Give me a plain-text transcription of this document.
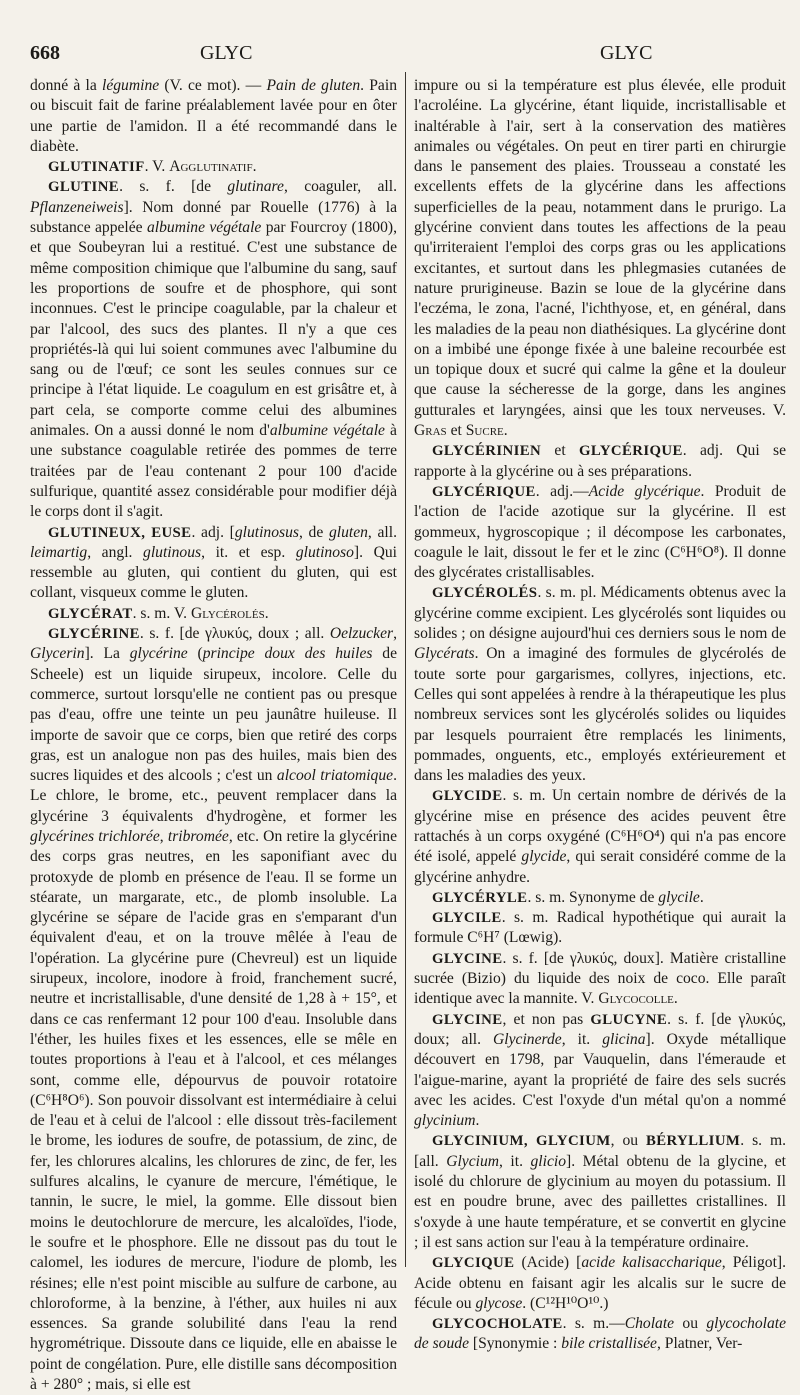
668	GLYC	GLYC

donné à la légumine (V. ce mot). — Pain de gluten. Pain ou biscuit fait de farine préalablement lavée pour en ôter une partie de l'amidon. Il a été recommandé dans le diabète.

GLUTINATIF. V. Agglutinatif.

GLUTINE. s. f. [de glutinare, coaguler, all. Pflanzeneiweis]. Nom donné par Rouelle (1776) à la substance appelée albumine végétale par Fourcroy (1800), et que Soubeyran lui a restitué. C'est une substance de même composition chimique que l'albumine du sang, sauf les proportions de soufre et de phosphore, qui sont inconnues. C'est le principe coagulable, par la chaleur et par l'alcool, des sucs des plantes. Il n'y a que ces propriétés-là qui lui soient communes avec l'albumine du sang ou de l'œuf; ce sont les seules connues sur ce principe à l'état liquide. Le coagulum en est grisâtre et, à part cela, se comporte comme celui des albumines animales. On a aussi donné le nom d'albumine végétale à une substance coagulable retirée des pommes de terre traitées par de l'eau contenant 2 pour 100 d'acide sulfurique, quantité assez considérable pour modifier déjà le corps dont il s'agit.

GLUTINEUX, EUSE. adj. [glutinosus, de gluten, all. leimartig, angl. glutinous, it. et esp. glutinoso]. Qui ressemble au gluten, qui contient du gluten, qui est collant, visqueux comme le gluten.

GLYCÉRAT. s. m. V. Glycérolés.

GLYCÉRINE. s. f. [de γλυκύς, doux ; all. Oelzucker, Glycerin]. La glycérine (principe doux des huiles de Scheele) est un liquide sirupeux, incolore. Celle du commerce, surtout lorsqu'elle ne contient pas ou presque pas d'eau, offre une teinte un peu jaunâtre huileuse. Il importe de savoir que ce corps, bien que retiré des corps gras, est un analogue non pas des huiles, mais bien des sucres liquides et des alcools ; c'est un alcool triatomique. Le chlore, le brome, etc., peuvent remplacer dans la glycérine 3 équivalents d'hydrogène, et former les glycérines trichlorée, tribromée, etc. On retire la glycérine des corps gras neutres, en les saponifiant avec du protoxyde de plomb en présence de l'eau. Il se forme un stéarate, un margarate, etc., de plomb insoluble. La glycérine se sépare de l'acide gras en s'emparant d'un équivalent d'eau, et on la trouve mêlée à l'eau de l'opération. La glycérine pure (Chevreul) est un liquide sirupeux, incolore, inodore à froid, franchement sucré, neutre et incristallisable, d'une densité de 1,28 à + 15°, et dans ce cas renfermant 12 pour 100 d'eau. Insoluble dans l'éther, les huiles fixes et les essences, elle se mêle en toutes proportions à l'eau et à l'alcool, et ces mélanges sont, comme elle, dépourvus de pouvoir rotatoire (C⁶H⁸O⁶). Son pouvoir dissolvant est intermédiaire à celui de l'eau et à celui de l'alcool : elle dissout très-facilement le brome, les iodures de soufre, de potassium, de zinc, de fer, les chlorures alcalins, les chlorures de zinc, de fer, les sulfures alcalins, le cyanure de mercure, l'émétique, le tannin, le sucre, le miel, la gomme. Elle dissout bien moins le deutochlorure de mercure, les alcaloïdes, l'iode, le soufre et le phosphore. Elle ne dissout pas du tout le calomel, les iodures de mercure, l'iodure de plomb, les résines; elle n'est point miscible au sulfure de carbone, au chloroforme, à la benzine, à l'éther, aux huiles ni aux essences. Sa grande solubilité dans l'eau la rend hygrométrique. Dissoute dans ce liquide, elle en abaisse le point de congélation. Pure, elle distille sans décomposition à + 280° ; mais, si elle est

impure ou si la température est plus élevée, elle produit l'acroléine. La glycérine, étant liquide, incristallisable et inaltérable à l'air, sert à la conservation des matières animales ou végétales. On peut en tirer parti en chirurgie dans le pansement des plaies. Trousseau a constaté les excellents effets de la glycérine dans les affections superficielles de la peau, notamment dans le prurigo. La glycérine convient dans toutes les affections de la peau qu'irriteraient l'emploi des corps gras ou les applications excitantes, et surtout dans les phlegmasies cutanées de nature prurigineuse. Bazin se loue de la glycérine dans l'eczéma, le zona, l'acné, l'ichthyose, et, en général, dans les maladies de la peau non diathésiques. La glycérine dont on a imbibé une éponge fixée à une baleine recourbée est un topique doux et sucré qui calme la gêne et la douleur que cause la sécheresse de la gorge, dans les angines gutturales et laryngées, ainsi que les toux nerveuses. V. Gras et Sucre.

GLYCÉRINIEN et GLYCÉRIQUE. adj. Qui se rapporte à la glycérine ou à ses préparations.

GLYCÉRIQUE. adj.—Acide glycérique. Produit de l'action de l'acide azotique sur la glycérine. Il est gommeux, hygroscopique ; il décompose les carbonates, coagule le lait, dissout le fer et le zinc (C⁶H⁶O⁸). Il donne des glycérates cristallisables.

GLYCÉROLÉS. s. m. pl. Médicaments obtenus avec la glycérine comme excipient. Les glycérolés sont liquides ou solides ; on désigne aujourd'hui ces derniers sous le nom de Glycérats. On a imaginé des formules de glycérolés de toute sorte pour gargarismes, collyres, injections, etc. Celles qui sont appelées à rendre à la thérapeutique les plus nombreux services sont les glycérolés solides ou liquides par lesquels pourraient être remplacés les liniments, pommades, onguents, etc., employés extérieurement et dans les maladies des yeux.

GLYCIDE. s. m. Un certain nombre de dérivés de la glycérine mise en présence des acides peuvent être rattachés à un corps oxygéné (C⁶H⁶O⁴) qui n'a pas encore été isolé, appelé glycide, qui serait considéré comme de la glycérine anhydre.

GLYCÉRYLE. s. m. Synonyme de glycile.

GLYCILE. s. m. Radical hypothétique qui aurait la formule C⁶H⁷ (Lœwig).

GLYCINE. s. f. [de γλυκύς, doux]. Matière cristalline sucrée (Bizio) du liquide des noix de coco. Elle paraît identique avec la mannite. V. Glycocolle.

GLYCINE, et non pas GLUCYNE. s. f. [de γλυκύς, doux; all. Glycinerde, it. glicina]. Oxyde métallique découvert en 1798, par Vauquelin, dans l'émeraude et l'aigue-marine, ayant la propriété de faire des sels sucrés avec les acides. C'est l'oxyde d'un métal qu'on a nommé glycinium.

GLYCINIUM, GLYCIUM, ou BÉRYLLIUM. s. m. [all. Glycium, it. glicio]. Métal obtenu de la glycine, et isolé du chlorure de glycinium au moyen du potassium. Il est en poudre brune, avec des paillettes cristallines. Il s'oxyde à une haute température, et se convertit en glycine ; il est sans action sur l'eau à la température ordinaire.

GLYCIQUE (Acide) [acide kalisaccharique, Péligot]. Acide obtenu en faisant agir les alcalis sur le sucre de fécule ou glycose. (C¹²H¹⁰O¹⁰.)

GLYCOCHOLATE. s. m.—Cholate ou glycocholate de soude [Synonymie : bile cristallisée, Platner, Ver-
